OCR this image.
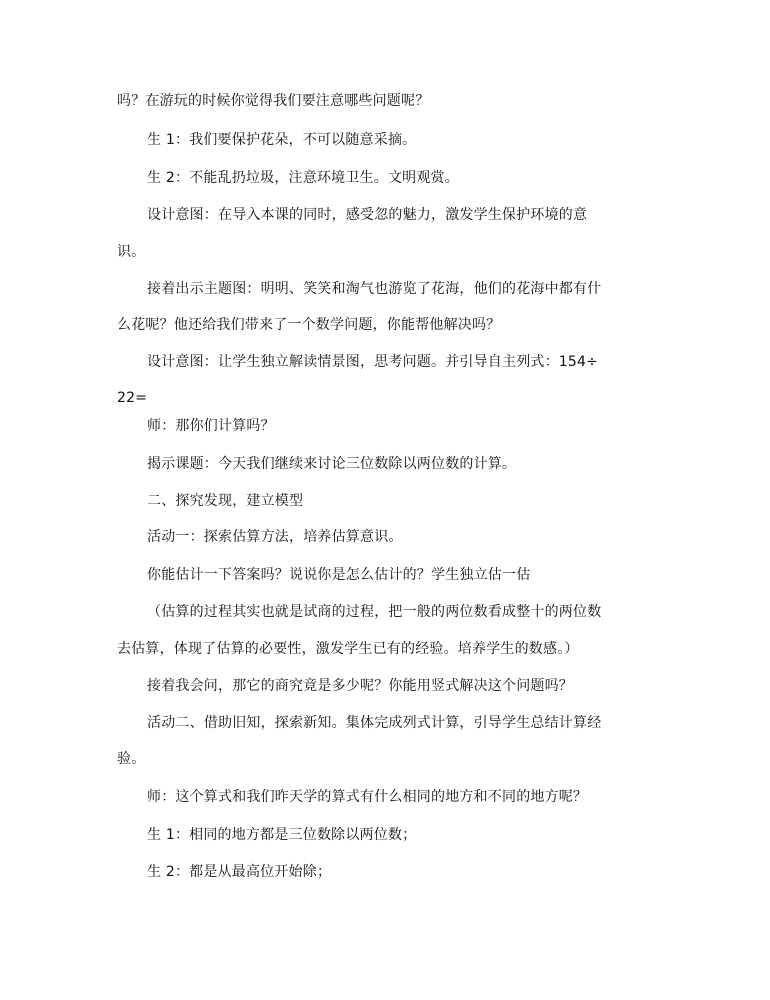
吗？在游玩的时候你觉得我们要注意哪些问题呢？
生 1：我们要保护花朵，不可以随意采摘。
生 2：不能乱扔垃圾，注意环境卫生。文明观赏。
设计意图：在导入本课的同时，感受忽的魅力，激发学生保护环境的意
识。
接着出示主题图：明明、笑笑和淘气也游览了花海，他们的花海中都有什
么花呢？他还给我们带来了一个数学问题，你能帮他解决吗？
设计意图：让学生独立解读情景图，思考问题。并引导自主列式：154÷
22=
师：那你们计算吗？
揭示课题：今天我们继续来讨论三位数除以两位数的计算。
二、探究发现，建立模型
活动一：探索估算方法，培养估算意识。
你能估计一下答案吗？说说你是怎么估计的？学生独立估一估
（估算的过程其实也就是试商的过程，把一般的两位数看成整十的两位数
去估算，体现了估算的必要性，激发学生已有的经验。培养学生的数感。）
接着我会问，那它的商究竟是多少呢？你能用竖式解决这个问题吗？
活动二、借助旧知，探索新知。集体完成列式计算，引导学生总结计算经
验。
师：这个算式和我们昨天学的算式有什么相同的地方和不同的地方呢？
生 1：相同的地方都是三位数除以两位数；
生 2：都是从最高位开始除；
